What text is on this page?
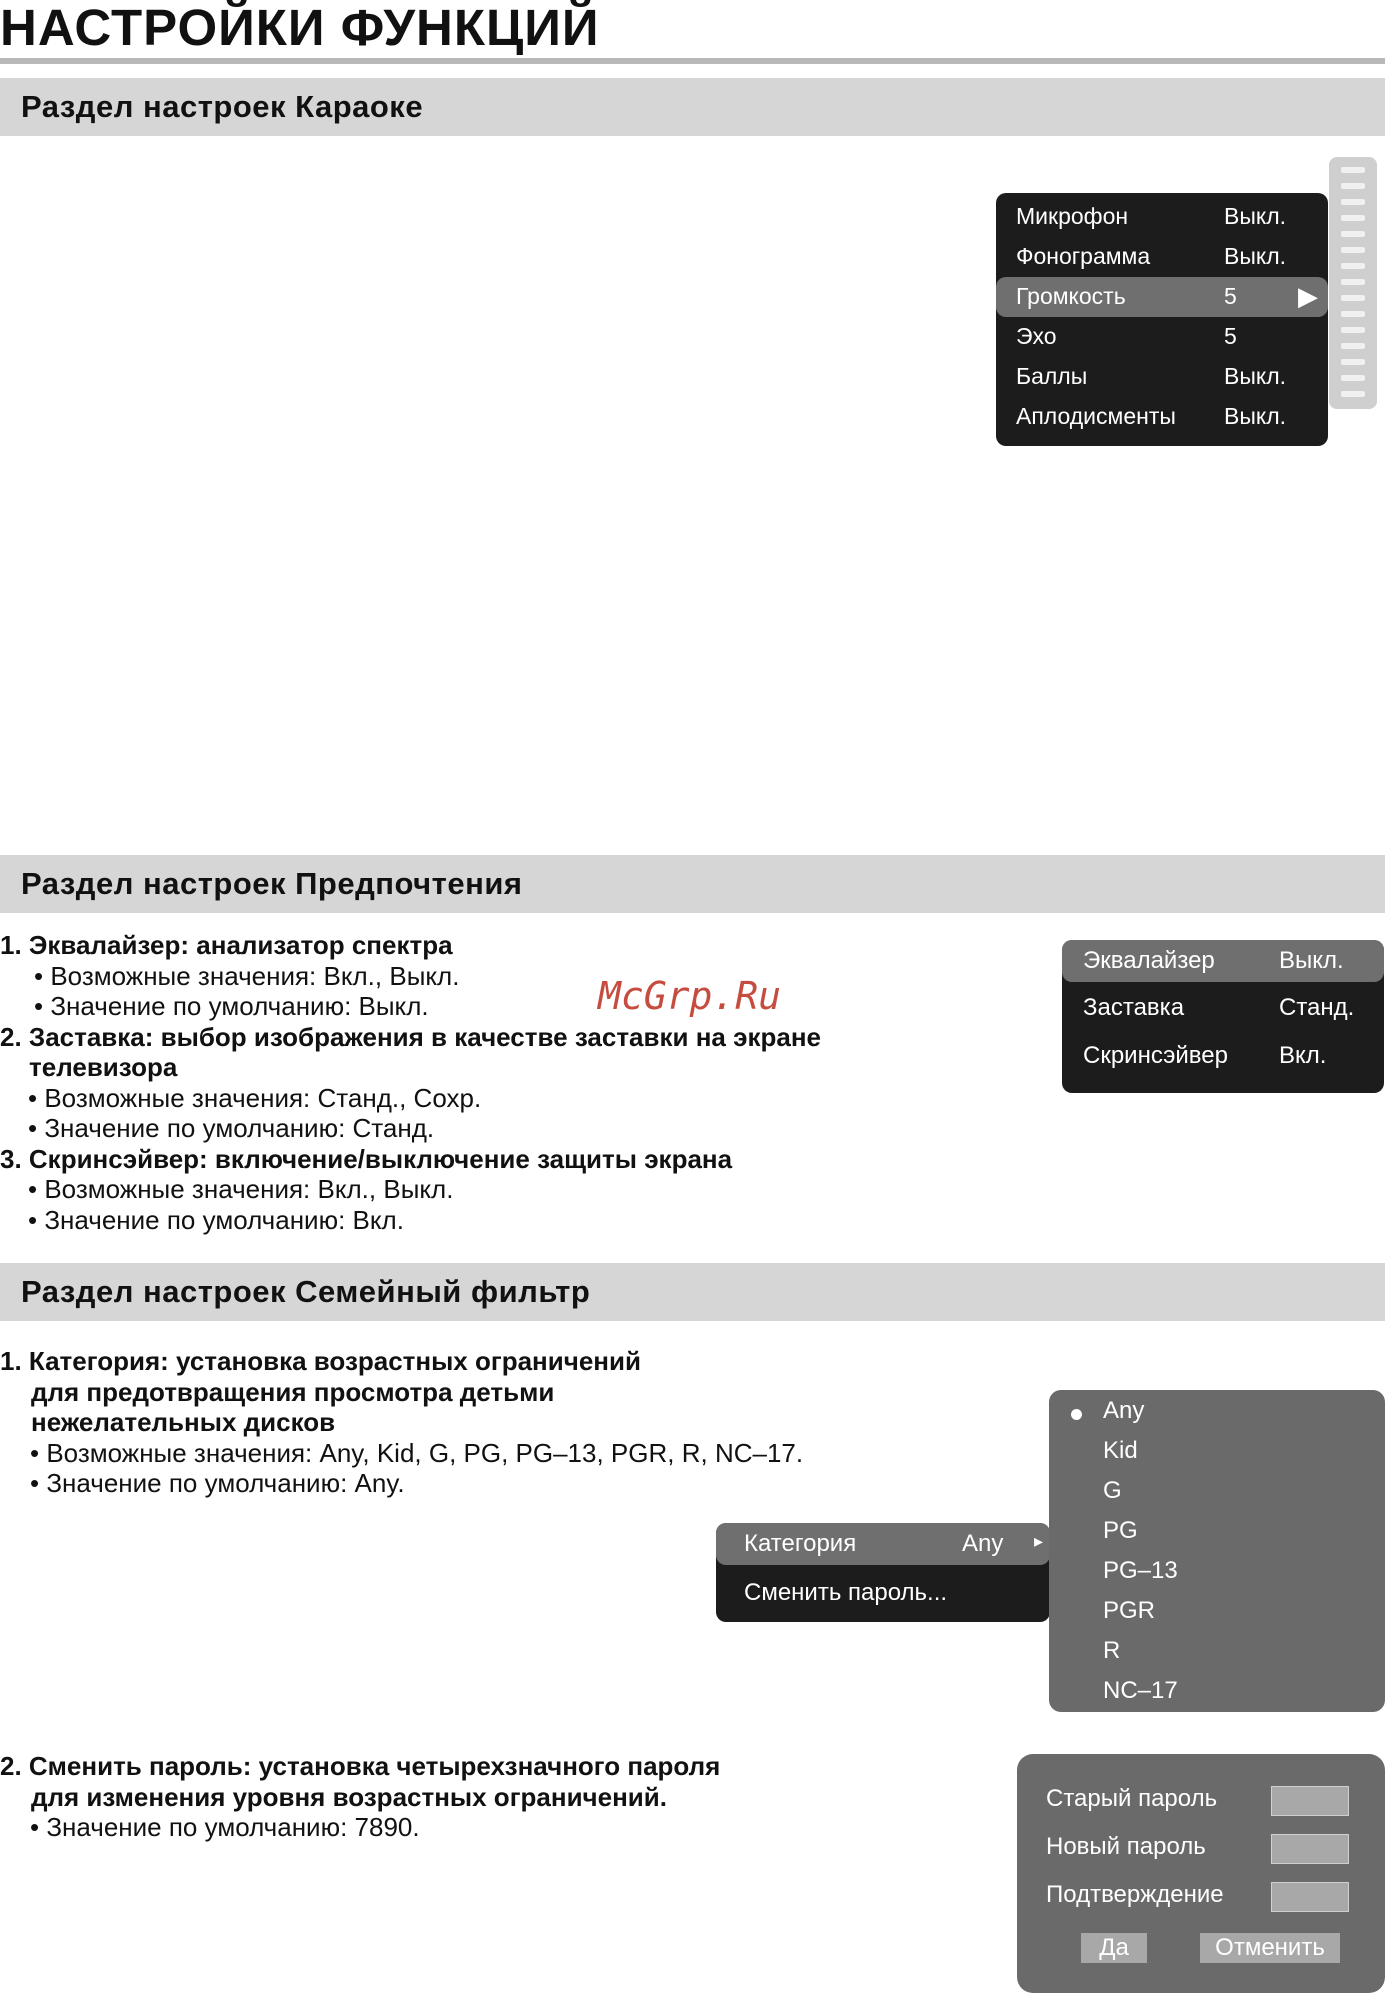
НАСТРОЙКИ ФУНКЦИЙ
Раздел настроек Караоке
Микрофон	Выкл.
Фонограмма	Выкл.
Громкость	5 ▶
Эхо	5
Баллы	Выкл.
Аплодисменты Выкл.
Раздел настроек Предпочтения
1. Эквалайзер: анализатор спектра
• Возможные значения: Вкл., Выкл.
• Значение по умолчанию: Выкл.
2. Заставка: выбор изображения в качестве заставки на экране
телевизора
• Возможные значения: Станд., Сохр.
• Значение по умолчанию: Станд.
3. Скринсэйвер: включение/выключение защиты экрана
• Возможные значения: Вкл., Выкл.
• Значение по умолчанию: Вкл.
McGrp.Ru
Эквалайзер	Выкл.
Заставка	Станд.
Скринсэйвер Вкл.
Раздел настроек Семейный фильтр
1. Категория: установка возрастных ограничений
для предотвращения просмотра детьми
нежелательных дисков
• Возможные значения: Any, Kid, G, PG, PG–13, PGR, R, NC–17.
• Значение по умолчанию: Any.
Категория	Any ▸
Сменить пароль...
Any
Kid
G
PG
PG–13
PGR
R
NC–17
2. Сменить пароль: установка четырехзначного пароля
для изменения уровня возрастных ограничений.
• Значение по умолчанию: 7890.
Старый пароль
Новый пароль
Подтверждение
Да	Отменить
